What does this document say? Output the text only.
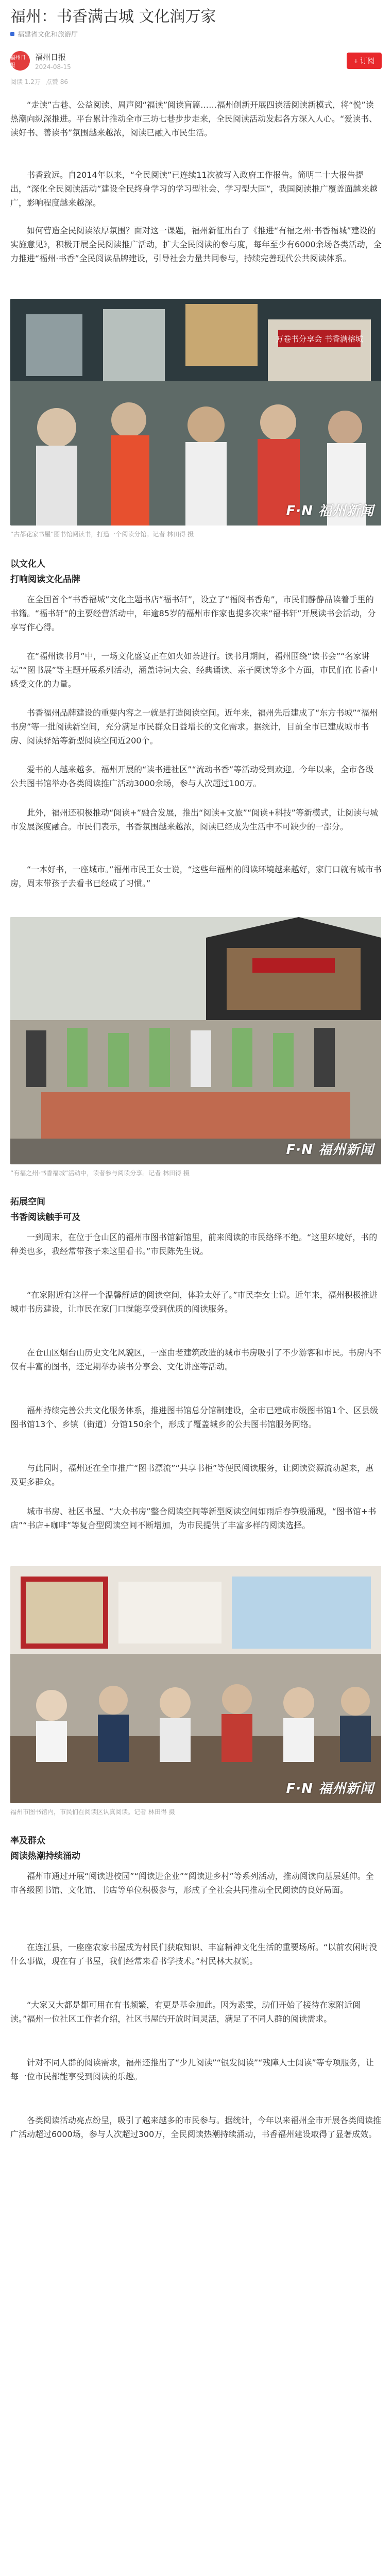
福州：书香满古城 文化润万家
福建省文化和旅游厅
福州日报
福州日报
2024-08-15
+ 订阅
阅读 1.2万 点赞 86

“走读”古巷、公益阅读、周声阅“福读”阅读盲篇……福州创新开展四读活阅读新模式，将“悦”读热潮向纵深推进。平台累计推动全市三坊七巷步步走来，全民阅读活动发起各方深入人心。“爱读书、读好书、善读书”氛围越来越浓，阅读已融入市民生活。

书香致远。自2014年以来，“全民阅读”已连续11次被写入政府工作报告。简明二十大报告提出，“深化全民阅读活动”建设全民终身学习的学习型社会、学习型大国”，我国阅读推广覆盖面越来越广，影响程度越来越深。

如何营造全民阅读浓厚氛围？面对这一课题，福州新征出台了《推进“有福之州·书香福城”建设的实施意见》，积极开展全民阅读推广活动，扩大全民阅读的参与度，每年至少有6000余场各类活动，全力推进“福州·书香”全民阅读品牌建设，引导社会力量共同参与，持续完善现代公共阅读体系。

万卷书分享会 书香满榕城
F·N 福州新闻
“古都花家书屋”图书馆阅读书，打造一个阅读分馆。记者 林田得 摄
以文化人
打响阅读文化品牌

在全国首个“书香福城”文化主题书店“福书轩”，设立了“福阅书香角”，市民们静静品读着手里的书籍。“福书轩”的主要经营活动中，年逾85岁的福州市作家也提多次来“福书轩”开展读书会活动，分享写作心得。

在“福州读书月”中，一场文化盛宴正在如火如荼进行。读书月期间，福州围绕“读书会”“名家讲坛”“图书展”等主题开展系列活动，涵盖诗词大会、经典诵读、亲子阅读等多个方面，市民们在书香中感受文化的力量。

书香福州品牌建设的重要内容之一就是打造阅读空间。近年来，福州先后建成了“东方书城”“福州书房”等一批阅读新空间，充分满足市民群众日益增长的文化需求。据统计，目前全市已建成城市书房、阅读驿站等新型阅读空间近200个。

爱书的人越来越多。福州开展的“读书进社区”“流动书香”等活动受到欢迎。今年以来，全市各级公共图书馆举办各类阅读推广活动3000余场，参与人次超过100万。

此外，福州还积极推动“阅读+”融合发展，推出“阅读+文旅”“阅读+科技”等新模式，让阅读与城市发展深度融合。市民们表示，书香氛围越来越浓，阅读已经成为生活中不可缺少的一部分。

“一本好书，一座城市。”福州市民王女士说，“这些年福州的阅读环境越来越好，家门口就有城市书房，周末带孩子去看书已经成了习惯。”

F·N 福州新闻
“有福之州·书香福城”活动中，读者参与阅读分享。记者 林田得 摄
拓展空间
书香阅读触手可及

一到周末，在位于仓山区的福州市图书馆新馆里，前来阅读的市民络绎不绝。“这里环境好，书的种类也多，我经常带孩子来这里看书。”市民陈先生说。

“在家附近有这样一个温馨舒适的阅读空间，体验太好了。”市民李女士说。近年来，福州积极推进城市书房建设，让市民在家门口就能享受到优质的阅读服务。

在仓山区烟台山历史文化风貌区，一座由老建筑改造的城市书房吸引了不少游客和市民。书房内不仅有丰富的图书，还定期举办读书分享会、文化讲座等活动。

福州持续完善公共文化服务体系，推进图书馆总分馆制建设，全市已建成市级图书馆1个、区县级图书馆13个、乡镇（街道）分馆150余个，形成了覆盖城乡的公共图书馆服务网络。

与此同时，福州还在全市推广“图书漂流”“共享书柜”等便民阅读服务，让阅读资源流动起来，惠及更多群众。

城市书房、社区书屋、“大众书房”整合阅读空间等新型阅读空间如雨后春笋般涌现，“图书馆+书店”“书店+咖啡”等复合型阅读空间不断增加，为市民提供了丰富多样的阅读选择。

F·N 福州新闻
福州市图书馆内，市民们在阅读区认真阅读。记者 林田得 摄
率及群众
阅读热潮持续涌动

福州市通过开展“阅读进校园”“阅读进企业”“阅读进乡村”等系列活动，推动阅读向基层延伸。全市各级图书馆、文化馆、书店等单位积极参与，形成了全社会共同推动全民阅读的良好局面。

在连江县，一座座农家书屋成为村民们获取知识、丰富精神文化生活的重要场所。“以前农闲时没什么事做，现在有了书屋，我们经常来看书学技术。”村民林大叔说。

“大家又大都是都可用在有书频繁，有更是基金加此。因为素雯，助们开始了接待在家附近阅读。”福州一位社区工作者介绍，社区书屋的开放时间灵活，满足了不同人群的阅读需求。

针对不同人群的阅读需求，福州还推出了“少儿阅读”“银发阅读”“残障人士阅读”等专项服务，让每一位市民都能享受到阅读的乐趣。

各类阅读活动亮点纷呈，吸引了越来越多的市民参与。据统计，今年以来福州全市开展各类阅读推广活动超过6000场，参与人次超过300万，全民阅读热潮持续涌动，书香福州建设取得了显著成效。
